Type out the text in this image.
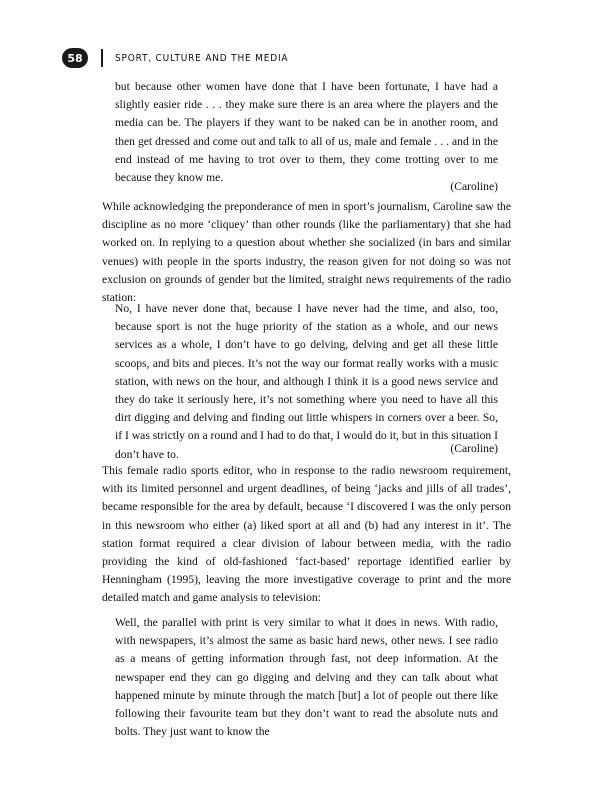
58	SPORT, CULTURE AND THE MEDIA
but because other women have done that I have been fortunate, I have had a slightly easier ride . . . they make sure there is an area where the players and the media can be. The players if they want to be naked can be in another room, and then get dressed and come out and talk to all of us, male and female . . . and in the end instead of me having to trot over to them, they come trotting over to me because they know me.
(Caroline)
While acknowledging the preponderance of men in sport’s journalism, Caroline saw the discipline as no more ‘cliquey’ than other rounds (like the parliamentary) that she had worked on. In replying to a question about whether she socialized (in bars and similar venues) with people in the sports industry, the reason given for not doing so was not exclusion on grounds of gender but the limited, straight news requirements of the radio station:
No, I have never done that, because I have never had the time, and also, too, because sport is not the huge priority of the station as a whole, and our news services as a whole, I don’t have to go delving, delving and get all these little scoops, and bits and pieces. It’s not the way our format really works with a music station, with news on the hour, and although I think it is a good news service and they do take it seriously here, it’s not something where you need to have all this dirt digging and delving and finding out little whispers in corners over a beer. So, if I was strictly on a round and I had to do that, I would do it, but in this situation I don’t have to.	(Caroline)
This female radio sports editor, who in response to the radio newsroom requirement, with its limited personnel and urgent deadlines, of being ‘jacks and jills of all trades’, became responsible for the area by default, because ‘I discovered I was the only person in this newsroom who either (a) liked sport at all and (b) had any interest in it’. The station format required a clear division of labour between media, with the radio providing the kind of old-fashioned ‘fact-based’ reportage identified earlier by Henningham (1995), leaving the more investigative coverage to print and the more detailed match and game analysis to television:
Well, the parallel with print is very similar to what it does in news. With radio, with newspapers, it’s almost the same as basic hard news, other news. I see radio as a means of getting information through fast, not deep information. At the newspaper end they can go digging and delving and they can talk about what happened minute by minute through the match [but] a lot of people out there like following their favourite team but they don’t want to read the absolute nuts and bolts. They just want to know the
